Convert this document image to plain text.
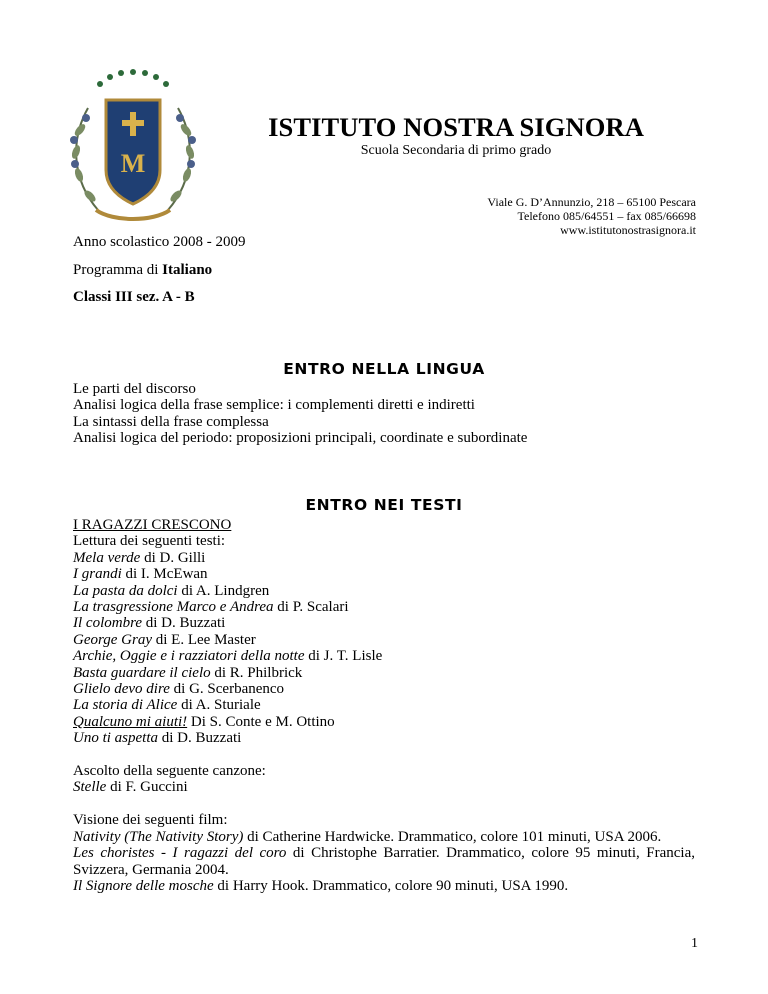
M
ISTITUTO NOSTRA SIGNORA
Scuola Secondaria di primo grado
Viale G. D’Annunzio, 218 – 65100 Pescara
Telefono 085/64551 – fax 085/66698
www.istitutonostrasignora.it
Anno scolastico 2008 - 2009
Programma di Italiano
Classi III sez. A - B
ENTRO NELLA LINGUA
Le parti del discorso
Analisi logica della frase semplice: i complementi diretti e indiretti
La sintassi della frase complessa
Analisi logica del periodo: proposizioni principali, coordinate e subordinate
ENTRO NEI TESTI
I RAGAZZI CRESCONO
Lettura dei seguenti testi:
Mela verde di D. Gilli
I grandi di I. McEwan
La pasta da dolci di A. Lindgren
La trasgressione Marco e Andrea di P. Scalari
Il colombre di D. Buzzati
George Gray di E. Lee Master
Archie, Oggie e i razziatori della notte di J. T. Lisle
Basta guardare il cielo di R. Philbrick
Glielo devo dire di G. Scerbanenco
La storia di Alice di A. Sturiale
Qualcuno mi aiuti! Di S. Conte e M. Ottino
Uno ti aspetta di D. Buzzati
Ascolto della seguente canzone:
Stelle di F. Guccini
Visione dei seguenti film:
Nativity (The Nativity Story) di Catherine Hardwicke. Drammatico, colore 101 minuti, USA 2006.
Les choristes - I ragazzi del coro di Christophe Barratier. Drammatico, colore 95 minuti, Francia, Svizzera, Germania 2004.
Il Signore delle mosche di Harry Hook. Drammatico, colore 90 minuti, USA 1990.
1
